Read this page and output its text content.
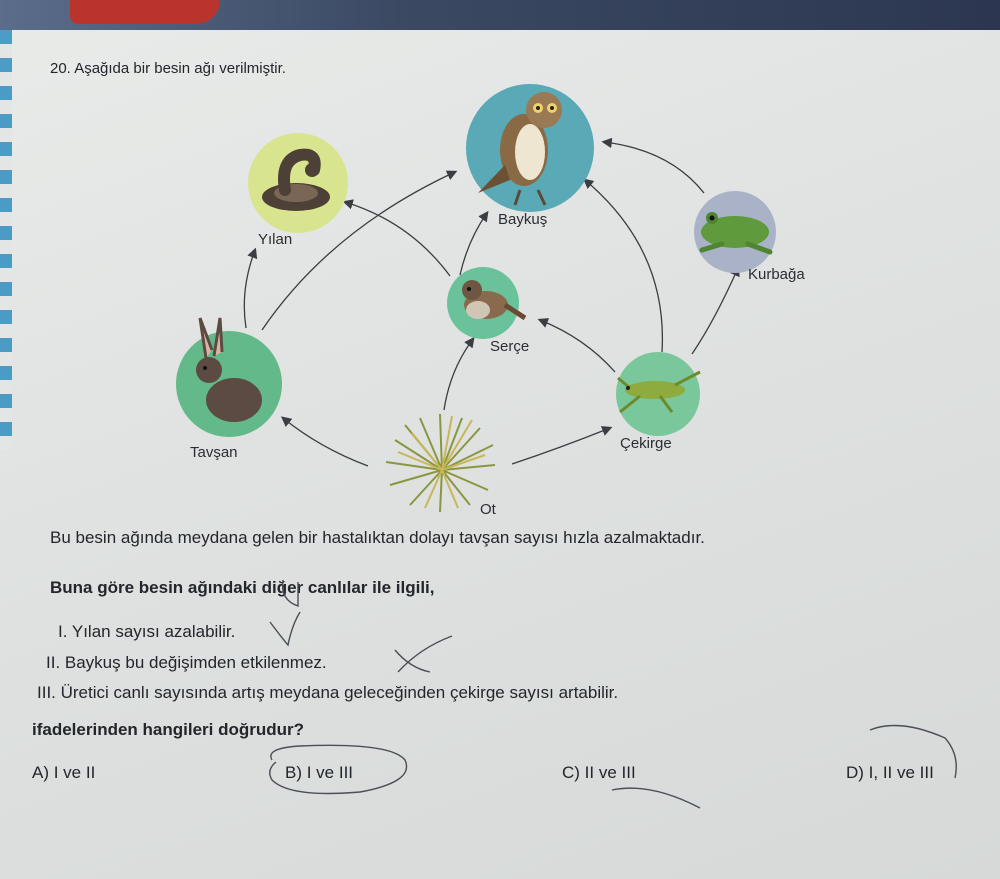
20. Aşağıda bir besin ağı verilmiştir.
Yılan
Baykuş
Kurbağa
Serçe
Tavşan
Çekirge
Ot
Bu besin ağında meydana gelen bir hastalıktan dolayı tavşan sayısı hızla azalmaktadır.
Buna göre besin ağındaki diğer canlılar ile ilgili,
I. Yılan sayısı azalabilir.
II. Baykuş bu değişimden etkilenmez.
III. Üretici canlı sayısında artış meydana geleceğinden çekirge sayısı artabilir.
ifadelerinden hangileri doğrudur?
A) I ve II	B) I ve III	C) II ve III	D) I, II ve III
